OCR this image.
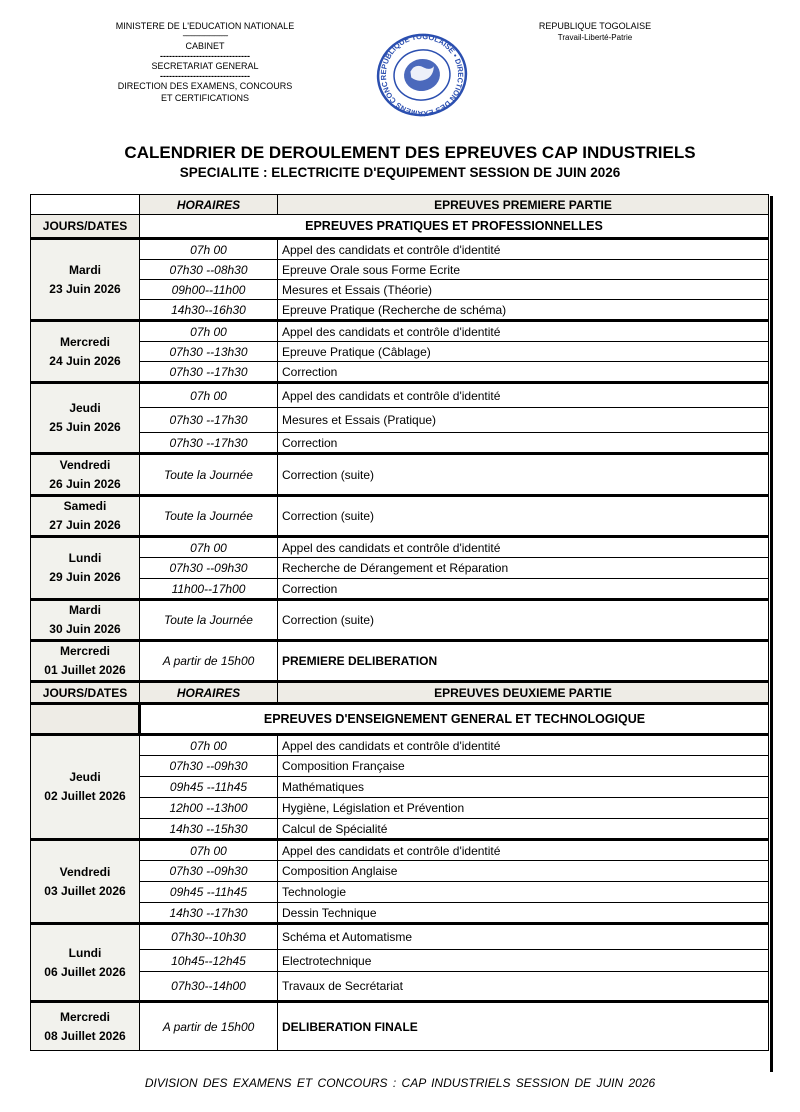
MINISTERE DE L'EDUCATION NATIONALE
---------------------------
CABINET
------------------------------
SECRETARIAT GENERAL
------------------------------
DIRECTION DES EXAMENS, CONCOURS
ET CERTIFICATIONS
REPUBLIQUE TOGOLAISE
Travail-Liberté-Patrie
REPUBLIQUE TOGOLAISE • DIRECTION DES EXAMENS CONCOURS
CALENDRIER DE DEROULEMENT DES EPREUVES CAP INDUSTRIELS
SPECIALITE : ELECTRICITE D'EQUIPEMENT SESSION DE JUIN 2026
	HORAIRES	EPREUVES PREMIERE PARTIE
JOURS/DATES	EPREUVES PRATIQUES ET PROFESSIONNELLES	

Mardi
23 Juin 2026	07h 00	Appel des candidats et contrôle d'identité
	07h30 --08h30	Epreuve Orale sous Forme Ecrite
	09h00--11h00	Mesures et Essais (Théorie)
	14h30--16h30	Epreuve Pratique (Recherche de schéma)

Mercredi
24 Juin 2026	07h 00	Appel des candidats et contrôle d'identité
	07h30 --13h30	Epreuve Pratique (Câblage)
	07h30 --17h30	Correction

Jeudi
25 Juin 2026	07h 00	Appel des candidats et contrôle d'identité
	07h30 --17h30	Mesures et Essais (Pratique)
	07h30 --17h30	Correction

Vendredi
26 Juin 2026	Toute la Journée	Correction (suite)

Samedi
27 Juin 2026	Toute la Journée	Correction (suite)

Lundi
29 Juin 2026	07h 00	Appel des candidats et contrôle d'identité
	07h30 --09h30	Recherche de Dérangement et Réparation
	11h00--17h00	Correction

Mardi
30 Juin 2026	Toute la Journée	Correction (suite)

Mercredi
01 Juillet 2026	A partir de 15h00	PREMIERE DELIBERATION
JOURS/DATES	HORAIRES	EPREUVES DEUXIEME PARTIE
	EPREUVES D'ENSEIGNEMENT GENERAL ET TECHNOLOGIQUE	

Jeudi
02 Juillet 2026	07h 00	Appel des candidats et contrôle d'identité
	07h30 --09h30	Composition Française
	09h45 --11h45	Mathématiques
	12h00 --13h00	Hygiène, Législation et Prévention
	14h30 --15h30	Calcul de Spécialité

Vendredi
03 Juillet 2026	07h 00	Appel des candidats et contrôle d'identité
	07h30 --09h30	Composition Anglaise
	09h45 --11h45	Technologie
	14h30 --17h30	Dessin Technique

Lundi
06 Juillet 2026	07h30--10h30	Schéma et Automatisme
	10h45--12h45	Electrotechnique
	07h30--14h00	Travaux de Secrétariat

Mercredi
08 Juillet 2026	A partir de 15h00	DELIBERATION FINALE
DIVISION DES EXAMENS ET CONCOURS : CAP INDUSTRIELS SESSION DE JUIN 2026
